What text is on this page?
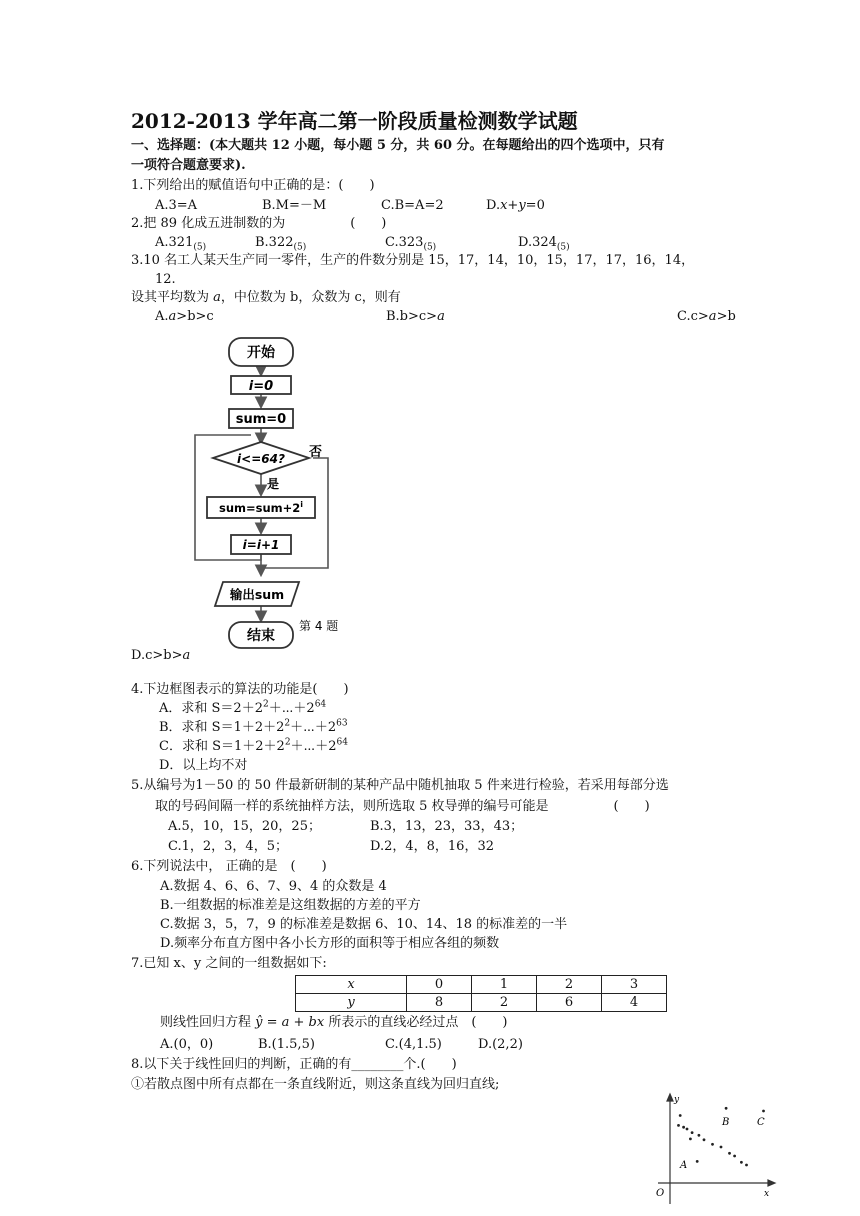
2012-2013 学年高二第一阶段质量检测数学试题
一、选择题：(本大题共 12 小题，每小题 5 分，共 60 分。在每题给出的四个选项中，只有
一项符合题意要求).
1.下列给出的赋值语句中正确的是：(　　)
A.3=A	B.M=－M	C.B=A=2	D.x+y=0
2.把 89 化成五进制数的为　　　　　(　　)
$A.321_{(5)}$	$B.322_{(5)}$	$C.323_{(5)}$	$D.324_{(5)}$
3.10 名工人某天生产同一零件，生产的件数分别是 15，17，14，10，15，17，17，16，14，
12.
设其平均数为 a，中位数为 b，众数为 c，则有
A.a>b>c	B.b>c>a	C.c>a>b
开始
i=0
sum=0
i<=64? 否
是
$sum=sum+2^i$
i=i+1
输出sum
结束
第 4 题
D.c>b>a
4.下边框图表示的算法的功能是(　　)
A．求和 $S=2+2^2+\cdots+2^{64}$
B．求和 $S=1+2+2^2+\cdots+2^{63}$
C．求和 $S=1+2+2^2+\cdots+2^{64}$
D．以上均不对
5.从编号为1－50 的 50 件最新研制的某种产品中随机抽取 5 件来进行检验，若采用每部分选
取的号码间隔一样的系统抽样方法，则所选取 5 枚导弹的编号可能是　　　　　(　　)
A.5，10，15，20，25；	B.3，13，23，33，43；
C.1，2，3，4，5；	D.2，4，8，16，32
6.下列说法中， 正确的是　(　　)
A.数据 4、6、6、7、9、4 的众数是 4
B.一组数据的标准差是这组数据的方差的平方
C.数据 3，5，7，9 的标准差是数据 6、10、14、18 的标准差的一半
D.频率分布直方图中各小长方形的面积等于相应各组的频数
7.已知 x、y 之间的一组数据如下:
x	0	1	2	3
y	8	2	6	4
则线性回归方程 ŷ = a + bx 所表示的直线必经过点　(　　)
A.(0，0)	B.(1.5,5)	C.(4,1.5)	D.(2,2)
8.以下关于线性回归的判断，正确的有________个.(　　)
①若散点图中所有点都在一条直线附近，则这条直线为回归直线;
y
x
O
A
B	C
